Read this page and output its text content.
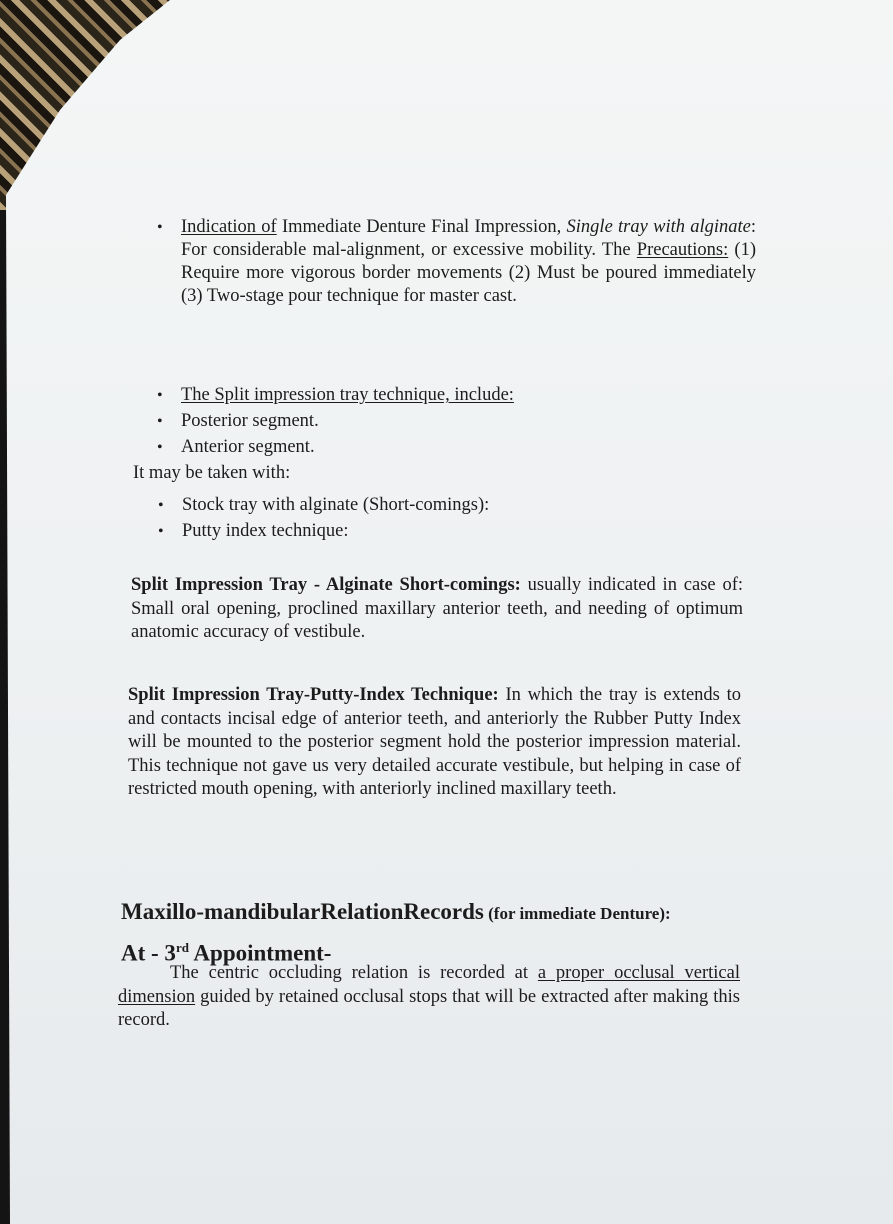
• Indication of Immediate Denture Final Impression, Single tray with alginate: For considerable mal-alignment, or excessive mobility. The Precautions: (1) Require more vigorous border movements (2) Must be poured immediately (3) Two-stage pour technique for master cast.
• The Split impression tray technique, include:
• Posterior segment.
• Anterior segment.
It may be taken with:
• Stock tray with alginate (Short-comings):
• Putty index technique:
Split Impression Tray - Alginate Short-comings: usually indicated in case of: Small oral opening, proclined maxillary anterior teeth, and needing of optimum anatomic accuracy of vestibule.
Split Impression Tray-Putty-Index Technique: In which the tray is extends to and contacts incisal edge of anterior teeth, and anteriorly the Rubber Putty Index will be mounted to the posterior segment hold the posterior impression material. This technique not gave us very detailed accurate vestibule, but helping in case of restricted mouth opening, with anteriorly inclined maxillary teeth.
Maxillo-mandibularRelationRecords (for immediate Denture):
At - 3rd Appointment-
The centric occluding relation is recorded at a proper occlusal vertical dimension guided by retained occlusal stops that will be extracted after making this record.
